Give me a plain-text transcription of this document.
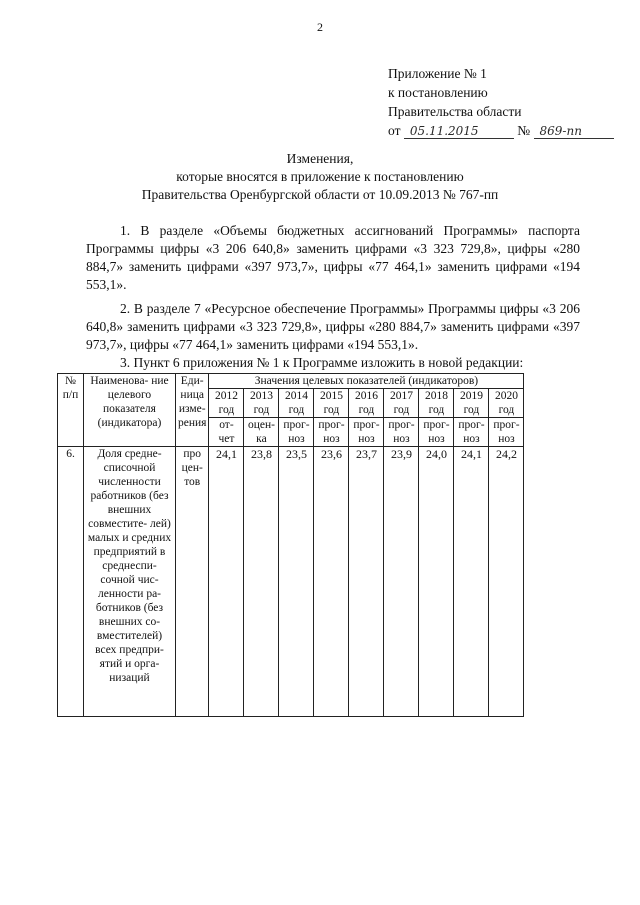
2
Приложение № 1
к постановлению
Правительства области
от 05.11.2015	№ 869-пп
Изменения,
которые вносятся в приложение к постановлению
Правительства Оренбургской области от 10.09.2013 № 767-пп

1. В разделе «Объемы бюджетных ассигнований Программы» паспорта Программы цифры «3 206 640,8» заменить цифрами «3 323 729,8», цифры «280 884,7» заменить цифрами «397 973,7», цифры «77 464,1» заменить цифрами «194 553,1».

2. В разделе 7 «Ресурсное обеспечение Программы» Программы цифры «3 206 640,8» заменить цифрами «3 323 729,8», цифры «280 884,7» заменить цифрами «397 973,7», цифры «77 464,1» заменить цифрами «194 553,1».

3. Пункт 6 приложения № 1 к Программе изложить в новой редакции:

№ п/п	Наименова- ние целевого показателя (индикатора)	Еди- ница изме- рения	Значения целевых показателей (индикаторов)								
			2012 год	2013 год	2014 год	2015 год	2016 год	2017 год	2018 год	2019 год	2020 год
			от- чет	оцен- ка	прог- ноз	прог- ноз	прог- ноз	прог- ноз	прог- ноз	прог- ноз	прог- ноз
6.	Доля средне- списочной численности работников (без внешних совместите- лей) малых и средних предприятий в среднеспи- сочной чис- ленности ра- ботников (без внешних со- вместителей) всех предпри- ятий и орга- низаций	про цен- тов	24,1	23,8	23,5	23,6	23,7	23,9	24,0	24,1	24,2
